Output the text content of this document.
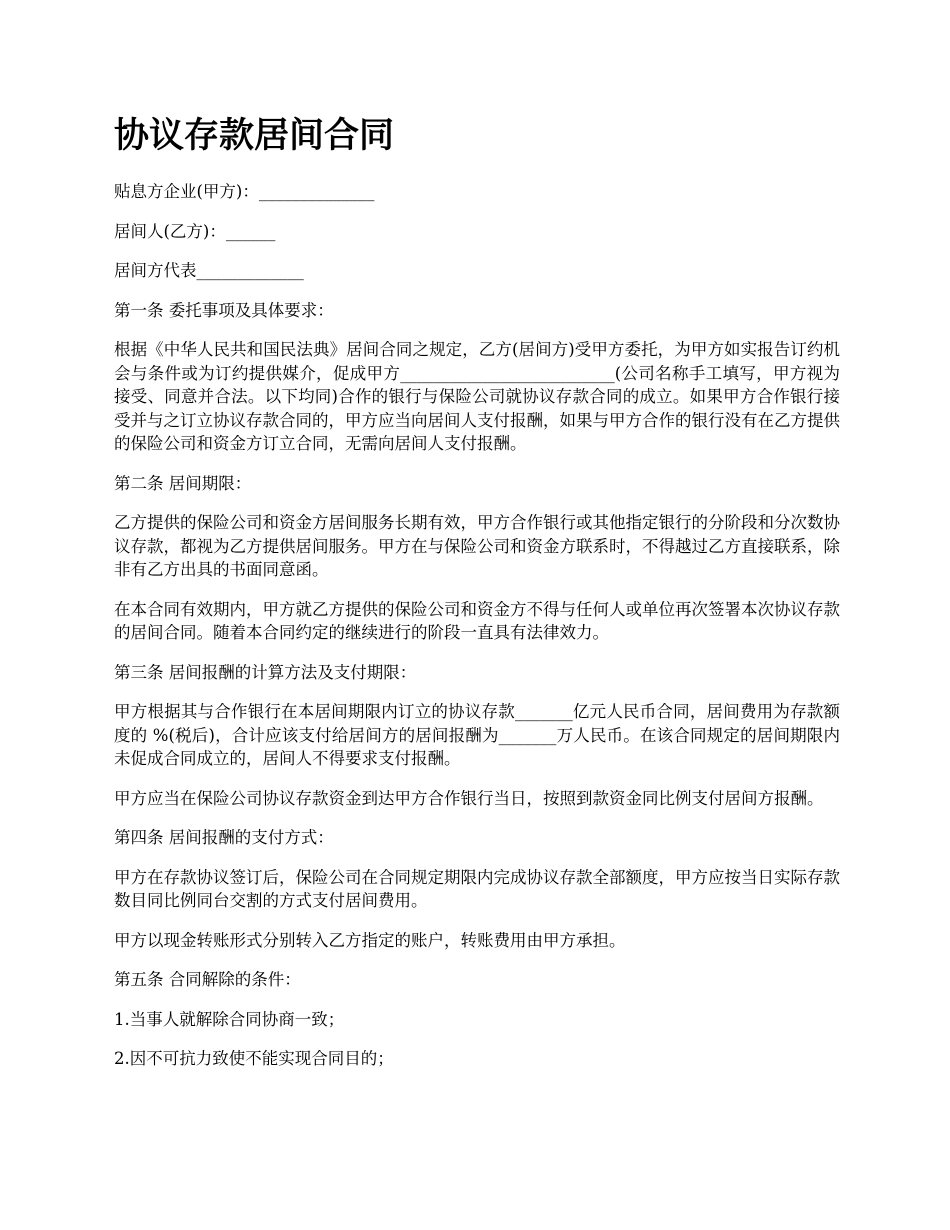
协议存款居间合同

贴息方企业(甲方)：______________

居间人(乙方)：______

居间方代表_____________

第一条 委托事项及具体要求：

根据《中华人民共和国民法典》居间合同之规定，乙方(居间方)受甲方委托，为甲方如实报告订约机会与条件或为订约提供媒介，促成甲方__________________________(公司名称手工填写，甲方视为接受、同意并合法。以下均同)合作的银行与保险公司就协议存款合同的成立。如果甲方合作银行接受并与之订立协议存款合同的，甲方应当向居间人支付报酬，如果与甲方合作的银行没有在乙方提供的保险公司和资金方订立合同，无需向居间人支付报酬。

第二条 居间期限：

乙方提供的保险公司和资金方居间服务长期有效，甲方合作银行或其他指定银行的分阶段和分次数协议存款，都视为乙方提供居间服务。甲方在与保险公司和资金方联系时，不得越过乙方直接联系，除非有乙方出具的书面同意函。

在本合同有效期内，甲方就乙方提供的保险公司和资金方不得与任何人或单位再次签署本次协议存款的居间合同。随着本合同约定的继续进行的阶段一直具有法律效力。

第三条 居间报酬的计算方法及支付期限：

甲方根据其与合作银行在本居间期限内订立的协议存款_______亿元人民币合同，居间费用为存款额度的 %(税后)，合计应该支付给居间方的居间报酬为_______万人民币。在该合同规定的居间期限内未促成合同成立的，居间人不得要求支付报酬。

甲方应当在保险公司协议存款资金到达甲方合作银行当日，按照到款资金同比例支付居间方报酬。

第四条 居间报酬的支付方式：

甲方在存款协议签订后，保险公司在合同规定期限内完成协议存款全部额度，甲方应按当日实际存款数目同比例同台交割的方式支付居间费用。

甲方以现金转账形式分别转入乙方指定的账户，转账费用由甲方承担。

第五条 合同解除的条件：

1.当事人就解除合同协商一致；

2.因不可抗力致使不能实现合同目的；
